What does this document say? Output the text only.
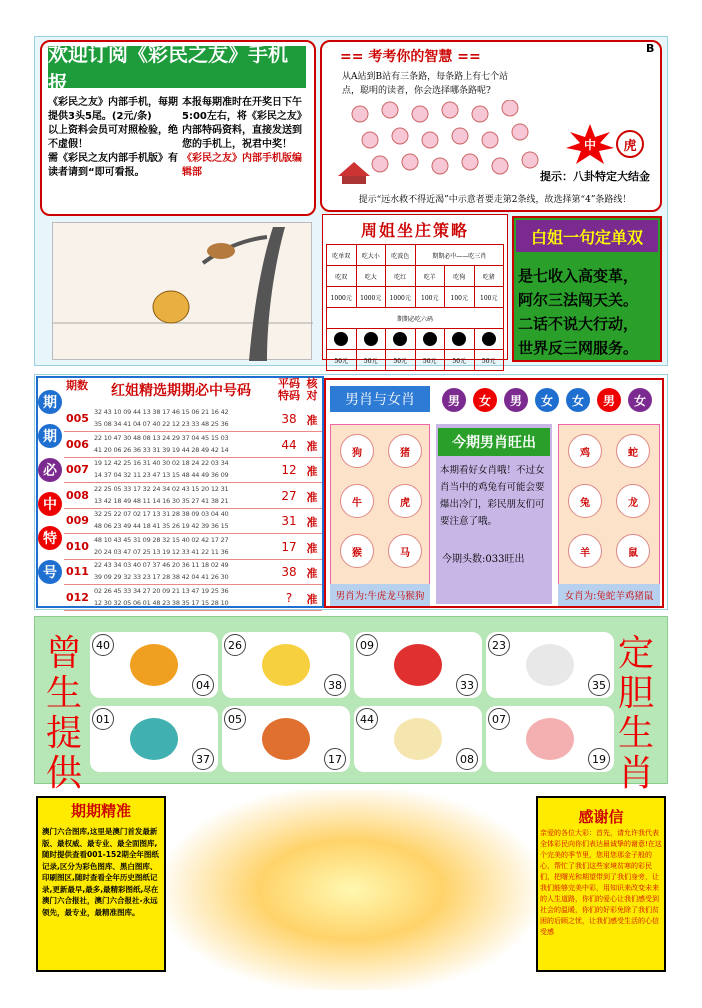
欢迎订阅《彩民之友》手机报
《彩民之友》内部手机，每期提供3头5尾。(2元/条)
以上资料会员可对照检验，绝不虚假！
需《彩民之友内部手机版》有读者请到“即可看报。
本报每期准时在开奖日下午5:00左右，将《彩民之友》内部特码资料，直接发送到您的手机上，祝君中奖！
《彩民之友》内部手机版编辑部
== 考考你的智慧 ==
B
从A站到B站有三条路，每条路上有七个站点，聪明的读者，你会选择哪条路呢?
中	虎
提示：八卦特定大结金
提示“远水救不得近渴”中示意者要走第2条线，故选择第“4”条路线！
周姐坐庄策略
吃单双	吃大小	吃波色	期期必中——吃三肖		
吃双	吃大	吃红	吃羊	吃狗	吃猪
1000元	1000元	1000元	100元	100元	100元
期期必吃六码					

50元	50元	50元	50元	50元	50元
白姐一句定单双
是七收入高变革，
阿尔三法闯天关。
二话不说大行动，
世界反三网服务。
期
期
必
中
特
号
期数	红姐精选期期必中号码	平码特码
核对
005 32 43 10 09 44 13 38 17 46 15 06 21 16 42
35 08 34 41 04 07 40 22 12 23 33 48 25 36	38 准
006 22 10 47 30 48 08 13 24 29 37 04 45 15 03
41 20 06 26 36 33 31 39 19 44 28 49 42 14	44 准
007 19 12 42 25 16 31 40 30 02 18 24 22 03 34
14 37 04 32 11 23 47 13 15 48 44 49 36 09	12 准
008 22 25 05 33 17 32 24 34 02 43 15 20 12 31
13 42 18 49 48 11 14 16 30 35 27 41 38 21	27 准
009 32 25 22 07 02 17 13 31 28 38 09 03 04 40
48 06 23 49 44 18 41 35 26 19 42 39 36 15	31 准
010 48 10 43 45 31 09 28 32 15 40 02 42 17 27
20 24 03 47 07 25 13 19 12 33 41 22 11 36	17 准
011 22 43 34 03 40 07 37 46 20 36 11 18 02 49
39 09 29 32 33 23 17 28 38 42 04 41 26 30	38 准
012 02 26 45 33 34 27 20 09 21 13 47 19 25 36
12 30 32 05 06 01 48 23 38 35 17 15 28 10	?	准
男肖与女肖	男	女	男	女	女	男	女
狗	猪
牛	虎
猴	马
鸡	蛇
兔	龙
羊	鼠
男肖为:牛虎龙马猴狗	女肖为:兔蛇羊鸡猪鼠
今期男肖旺出
本期看好女肖哦！不过女肖当中的鸡兔有可能会要爆出冷门，彩民朋友们可要注意了哦。
今期头数:033旺出
曾
生
提
供
定
胆
生
肖
40
04
26
38
09
33
23
35
01
37
05
17
44
08
07
19
期期精准
澳门六合图库,这里是澳门首发最新版、最权威、最专业、最全面图库,随时提供查看001-152期全年图纸记录,区分为彩色图库、黑白图库、印刷图区,随时查看全年历史图纸记录,更新最早,最多,最精彩图纸,尽在澳门六合报社，澳门六合报社-永远领先，最专业，最精准图库。
感谢信
亲爱的各位大彩：首先，请允许我代表全体彩民向你们表达最诚挚的谢意!在这个完美的季节里，您用您那金子般的心，帮忙了我们这些家境贫寒的彩民们，把曙光和期望带到了我们身旁，让我们能够完美中彩，用知识来改变未来的人生道路，你们的爱心让我们感受到社会的温暖，你们的好彩免除了我们贫困的后顾之忧，让我们感受生活的心信受感
